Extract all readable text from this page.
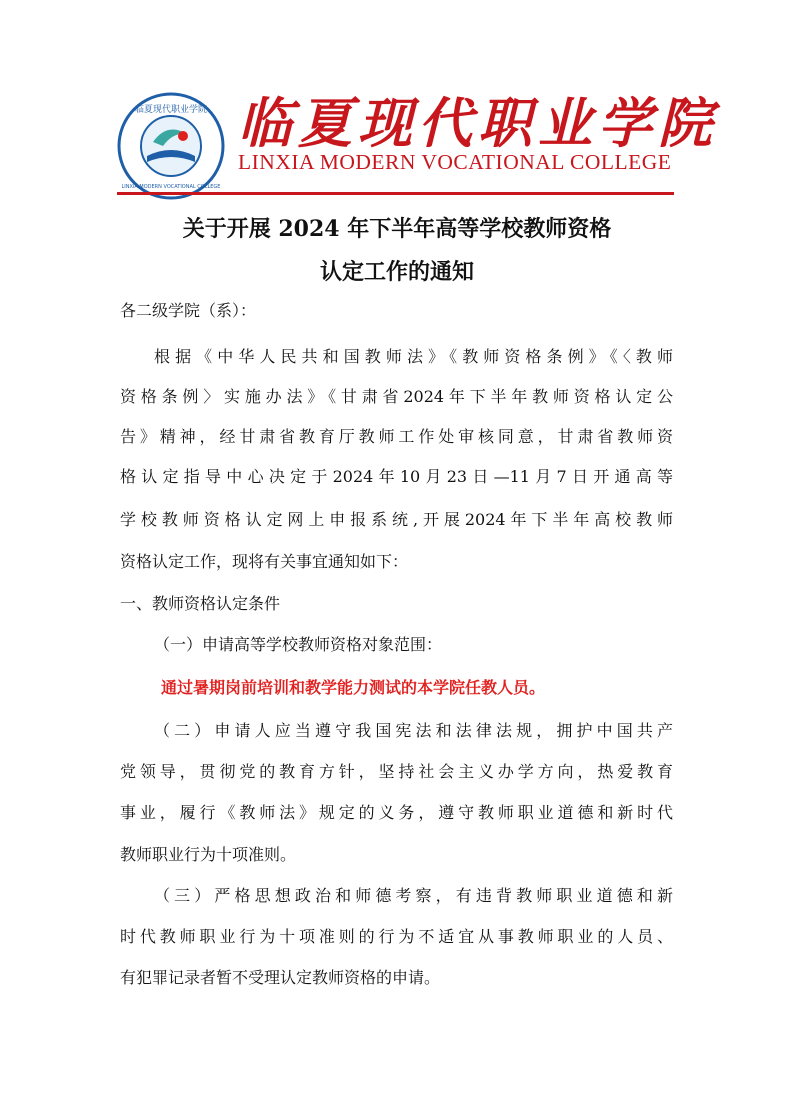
临夏现代职业学院
LINXIA MODERN VOCATIONAL COLLEGE
临夏现代职业学院
LINXIA MODERN VOCATIONAL COLLEGE
关于开展 2024 年下半年高等学校教师资格
认定工作的通知
各二级学院（系）：
根据《中华人民共和国教师法》《教师资格条例》《〈教师
资格条例〉实施办法》《甘肃省2024年下半年教师资格认定公
告》精神，经甘肃省教育厅教师工作处审核同意，甘肃省教师资
格认定指导中心决定于2024年10月23日—11月7日开通高等
学校教师资格认定网上申报系统,开展2024年下半年高校教师
资格认定工作，现将有关事宜通知如下：
一、教师资格认定条件
（一）申请高等学校教师资格对象范围：
通过暑期岗前培训和教学能力测试的本学院任教人员。
（二）申请人应当遵守我国宪法和法律法规，拥护中国共产
党领导，贯彻党的教育方针，坚持社会主义办学方向，热爱教育
事业，履行《教师法》规定的义务，遵守教师职业道德和新时代
教师职业行为十项准则。
（三）严格思想政治和师德考察，有违背教师职业道德和新
时代教师职业行为十项准则的行为不适宜从事教师职业的人员、
有犯罪记录者暂不受理认定教师资格的申请。
